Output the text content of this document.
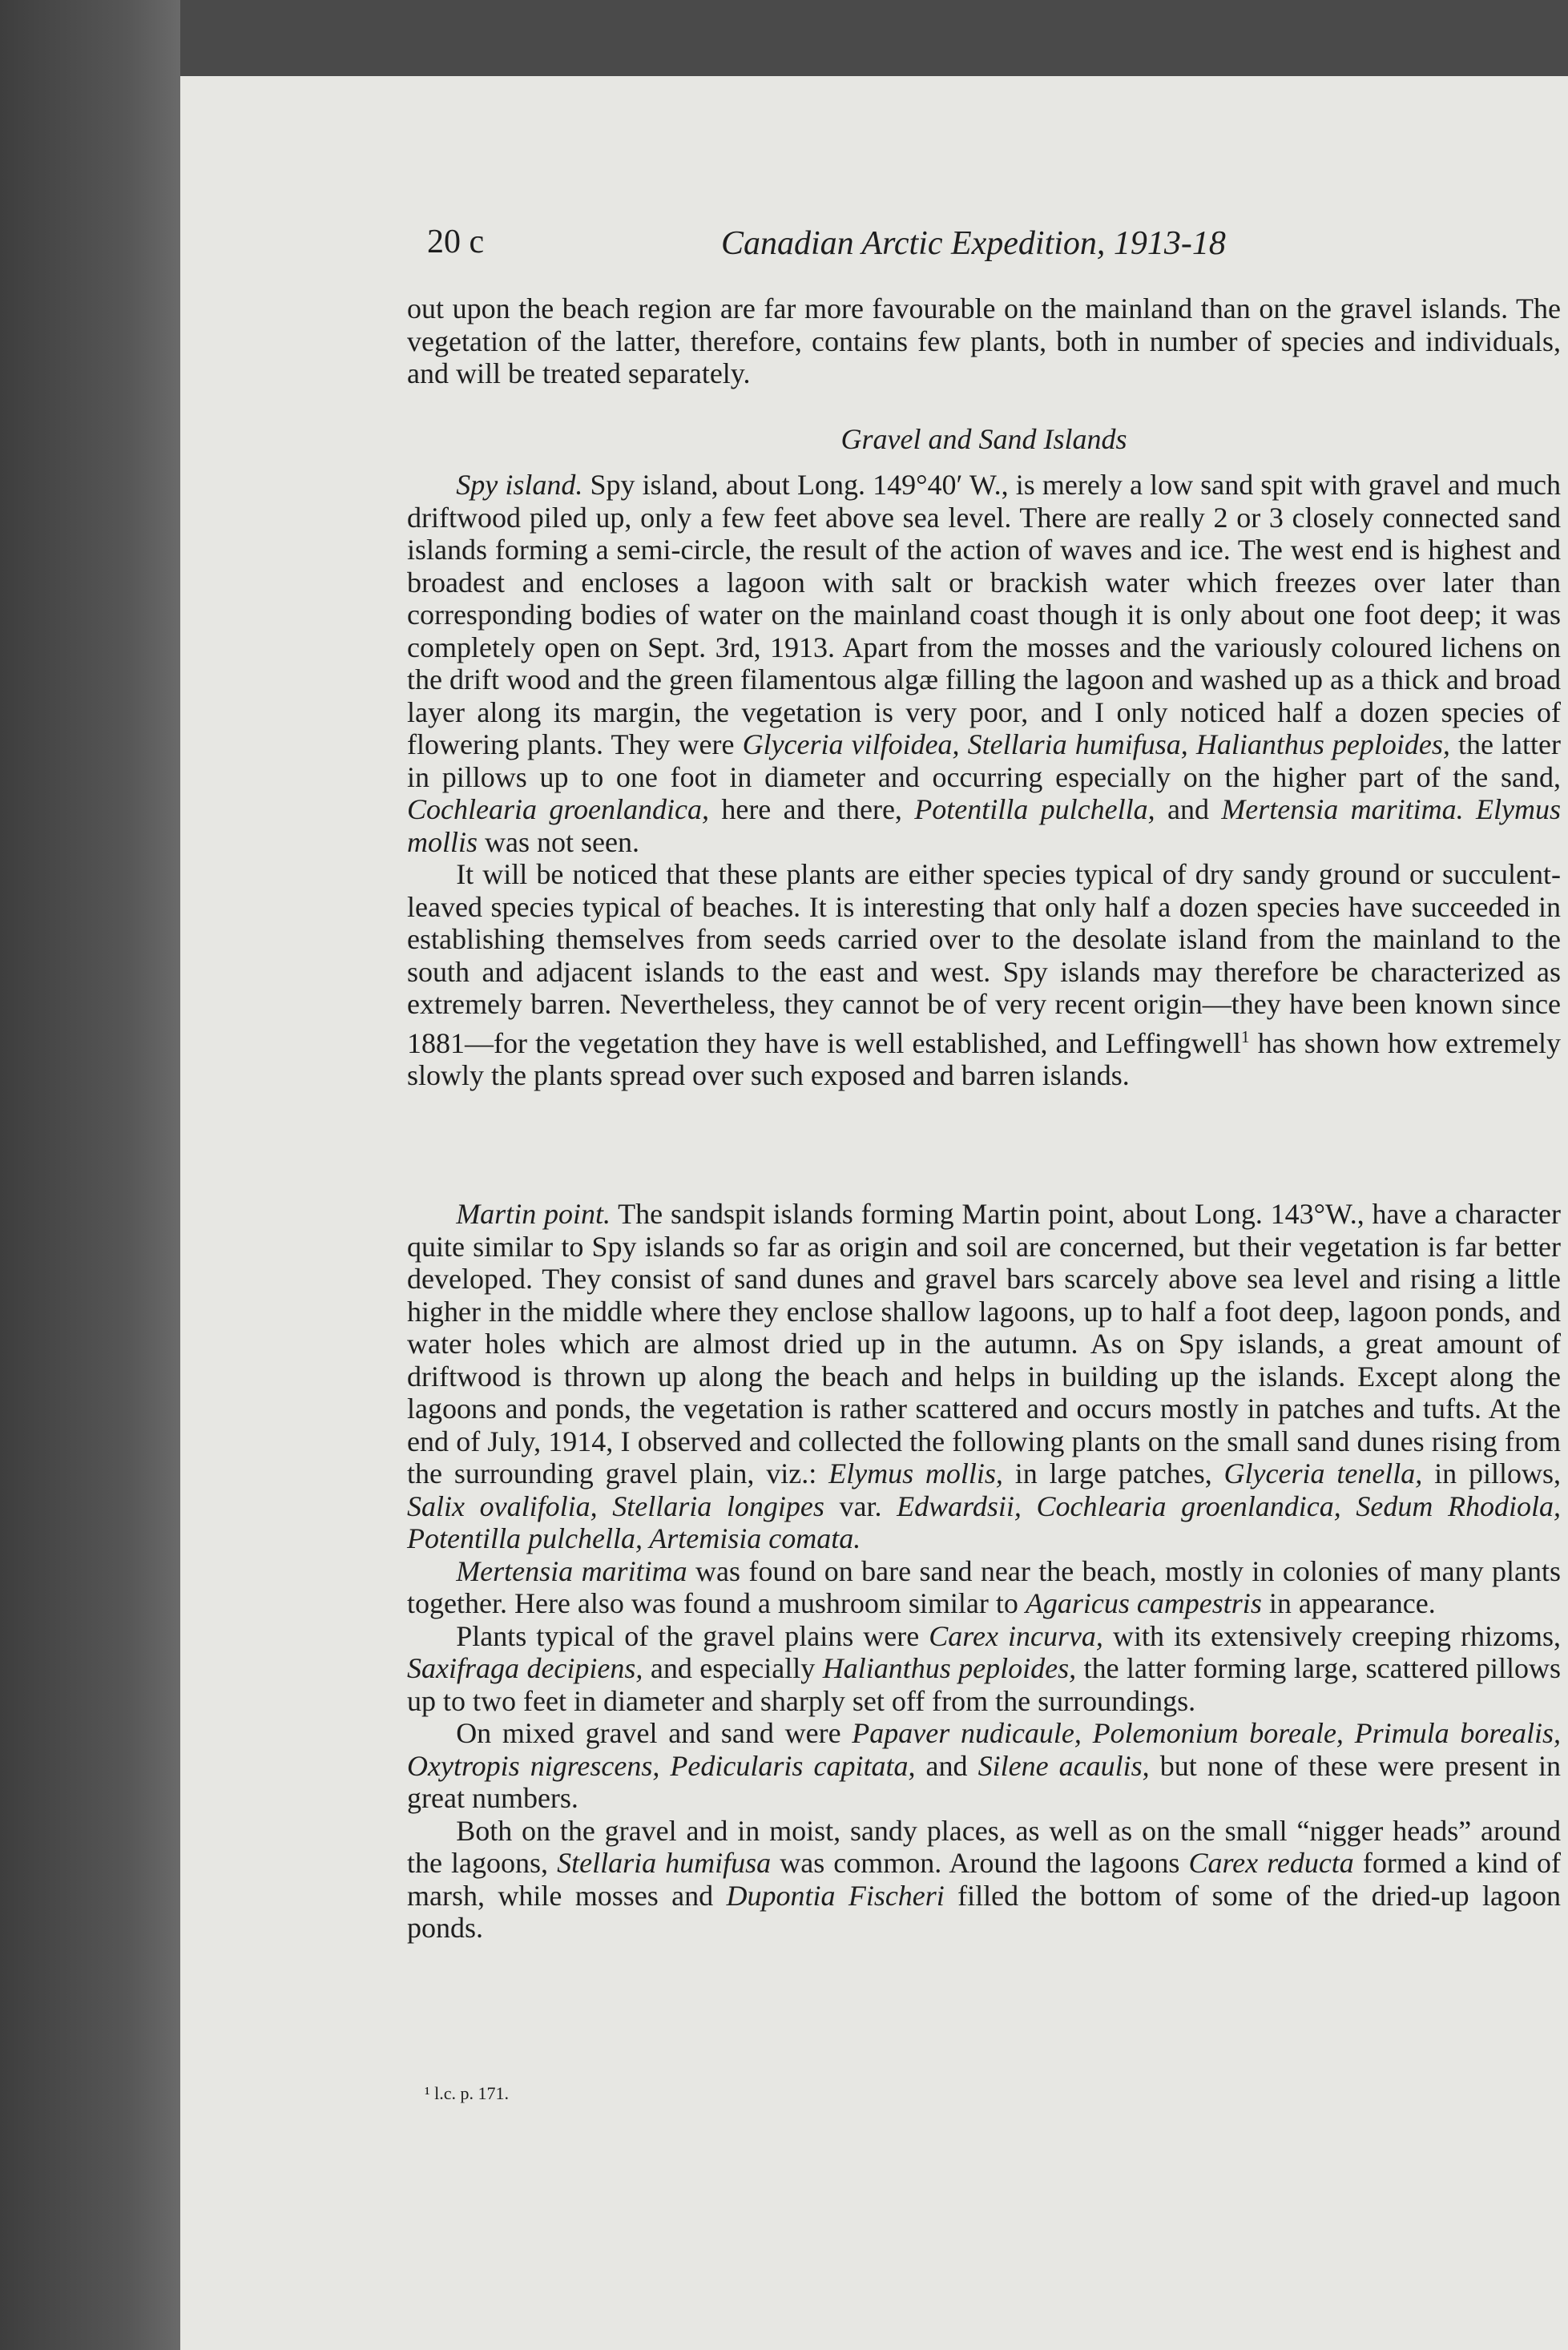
20 c	Canadian Arctic Expedition, 1913-18

out upon the beach region are far more favourable on the mainland than on the gravel islands. The vegetation of the latter, therefore, contains few plants, both in number of species and individuals, and will be treated separately.

Gravel and Sand Islands

Spy island. Spy island, about Long. 149°40′ W., is merely a low sand spit with gravel and much driftwood piled up, only a few feet above sea level. There are really 2 or 3 closely connected sand islands forming a semi-circle, the result of the action of waves and ice. The west end is highest and broadest and encloses a lagoon with salt or brackish water which freezes over later than corresponding bodies of water on the mainland coast though it is only about one foot deep; it was completely open on Sept. 3rd, 1913. Apart from the mosses and the variously coloured lichens on the drift wood and the green filamentous algæ filling the lagoon and washed up as a thick and broad layer along its margin, the vegetation is very poor, and I only noticed half a dozen species of flowering plants. They were Glyceria vilfoidea, Stellaria humifusa, Halianthus peploides, the latter in pillows up to one foot in diameter and occurring especially on the higher part of the sand, Cochlearia groenlandica, here and there, Potentilla pulchella, and Mertensia maritima. Elymus mollis was not seen.

It will be noticed that these plants are either species typical of dry sandy ground or succulent-leaved species typical of beaches. It is interesting that only half a dozen species have succeeded in establishing themselves from seeds carried over to the desolate island from the mainland to the south and adjacent islands to the east and west. Spy islands may therefore be characterized as extremely barren. Nevertheless, they cannot be of very recent origin—they have been known since 1881—for the vegetation they have is well established, and Leffingwell$^1$ has shown how extremely slowly the plants spread over such exposed and barren islands.

Martin point. The sandspit islands forming Martin point, about Long. 143°W., have a character quite similar to Spy islands so far as origin and soil are concerned, but their vegetation is far better developed. They consist of sand dunes and gravel bars scarcely above sea level and rising a little higher in the middle where they enclose shallow lagoons, up to half a foot deep, lagoon ponds, and water holes which are almost dried up in the autumn. As on Spy islands, a great amount of driftwood is thrown up along the beach and helps in building up the islands. Except along the lagoons and ponds, the vegetation is rather scattered and occurs mostly in patches and tufts. At the end of July, 1914, I observed and collected the following plants on the small sand dunes rising from the surrounding gravel plain, viz.: Elymus mollis, in large patches, Glyceria tenella, in pillows, Salix ovalifolia, Stellaria longipes var. Edwardsii, Cochlearia groenlandica, Sedum Rhodiola, Potentilla pulchella, Artemisia comata.

Mertensia maritima was found on bare sand near the beach, mostly in colonies of many plants together. Here also was found a mushroom similar to Agaricus campestris in appearance.

Plants typical of the gravel plains were Carex incurva, with its extensively creeping rhizoms, Saxifraga decipiens, and especially Halianthus peploides, the latter forming large, scattered pillows up to two feet in diameter and sharply set off from the surroundings.

On mixed gravel and sand were Papaver nudicaule, Polemonium boreale, Primula borealis, Oxytropis nigrescens, Pedicularis capitata, and Silene acaulis, but none of these were present in great numbers.

Both on the gravel and in moist, sandy places, as well as on the small “nigger heads” around the lagoons, Stellaria humifusa was common. Around the lagoons Carex reducta formed a kind of marsh, while mosses and Dupontia Fischeri filled the bottom of some of the dried-up lagoon ponds.

¹ l.c. p. 171.
